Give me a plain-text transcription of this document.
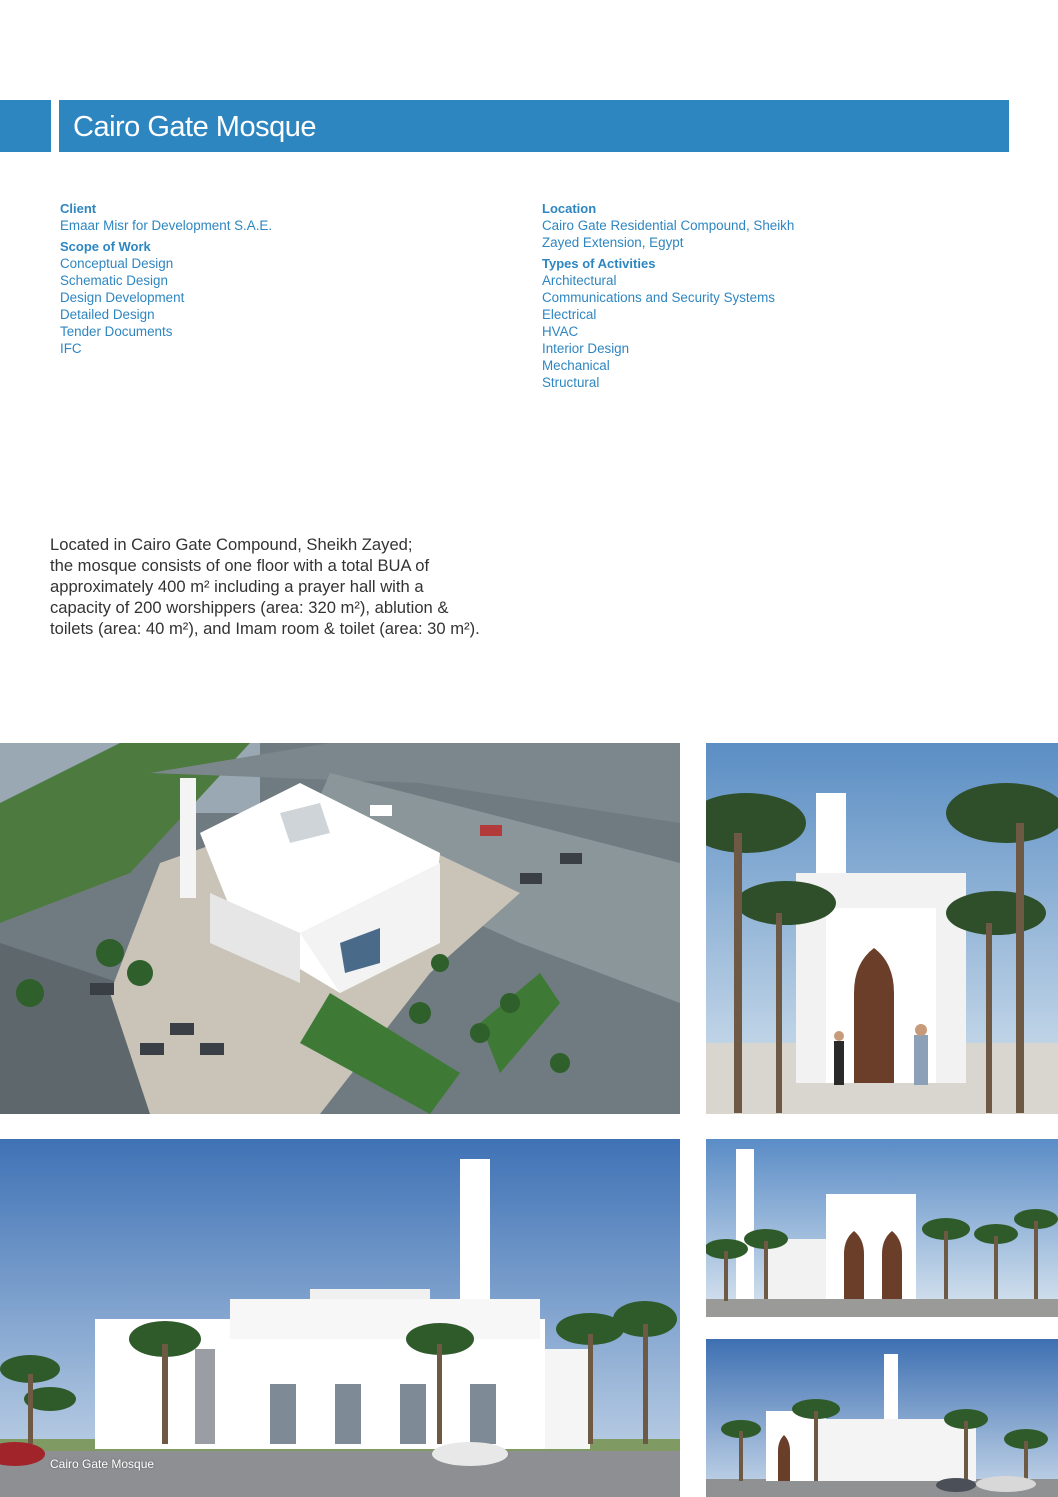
Cairo Gate Mosque
Client
Emaar Misr for Development S.A.E.
Scope of Work
Conceptual Design
Schematic Design
Design Development
Detailed Design
Tender Documents
IFC
Location
Cairo Gate Residential Compound, Sheikh
Zayed Extension, Egypt
Types of Activities
Architectural
Communications and Security Systems
Electrical
HVAC
Interior Design
Mechanical
Structural
Located in Cairo Gate Compound, Sheikh Zayed;
the mosque consists of one floor with a total BUA of
approximately 400 m² including a prayer hall with a
capacity of 200 worshippers (area: 320 m²), ablution &
toilets (area: 40 m²), and Imam room & toilet (area: 30 m²).
Cairo Gate Mosque
